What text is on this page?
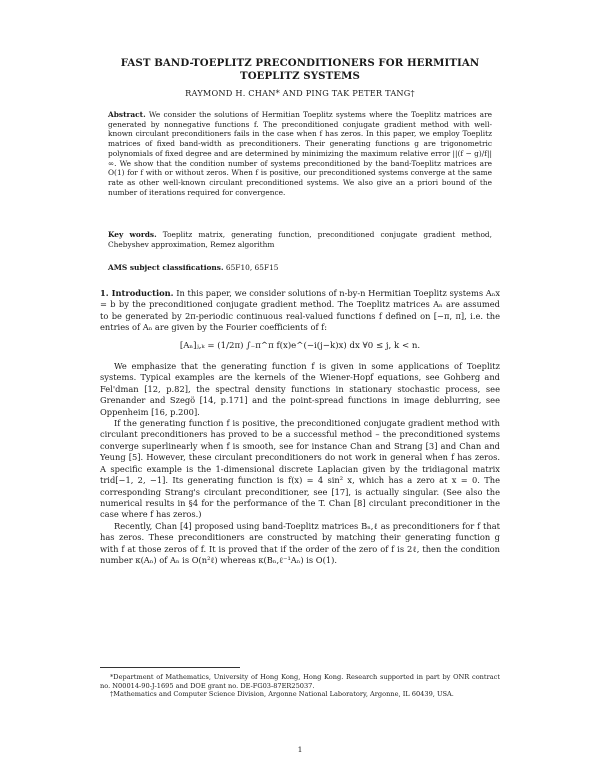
FAST BAND-TOEPLITZ PRECONDITIONERS FOR HERMITIAN TOEPLITZ SYSTEMS
RAYMOND H. CHAN* AND PING TAK PETER TANG†
Abstract. We consider the solutions of Hermitian Toeplitz systems where the Toeplitz matrices are generated by nonnegative functions f. The preconditioned conjugate gradient method with well-known circulant preconditioners fails in the case when f has zeros. In this paper, we employ Toeplitz matrices of fixed band-width as preconditioners. Their generating functions g are trigonometric polynomials of fixed degree and are determined by minimizing the maximum relative error ||(f − g)/f||∞. We show that the condition number of systems preconditioned by the band-Toeplitz matrices are O(1) for f with or without zeros. When f is positive, our preconditioned systems converge at the same rate as other well-known circulant preconditioned systems. We also give an a priori bound of the number of iterations required for convergence.
Key words. Toeplitz matrix, generating function, preconditioned conjugate gradient method, Chebyshev approximation, Remez algorithm
AMS subject classifications. 65F10, 65F15

1. Introduction. In this paper, we consider solutions of n-by-n Hermitian Toeplitz systems Aₙx = b by the preconditioned conjugate gradient method. The Toeplitz matrices Aₙ are assumed to be generated by 2π-periodic continuous real-valued functions f defined on [−π, π], i.e. the entries of Aₙ are given by the Fourier coefficients of f:

[Aₙ]ⱼ,ₖ = (1/2π) ∫₋π^π f(x)e^(−i(j−k)x) dx ∀0 ≤ j, k < n.

We emphasize that the generating function f is given in some applications of Toeplitz systems. Typical examples are the kernels of the Wiener-Hopf equations, see Gohberg and Fel'dman [12, p.82], the spectral density functions in stationary stochastic process, see Grenander and Szegö [14, p.171] and the point-spread functions in image deblurring, see Oppenheim [16, p.200].

If the generating function f is positive, the preconditioned conjugate gradient method with circulant preconditioners has proved to be a successful method – the preconditioned systems converge superlinearly when f is smooth, see for instance Chan and Strang [3] and Chan and Yeung [5]. However, these circulant preconditioners do not work in general when f has zeros. A specific example is the 1-dimensional discrete Laplacian given by the tridiagonal matrix trid[−1, 2, −1]. Its generating function is f(x) = 4 sin² x, which has a zero at x = 0. The corresponding Strang's circulant preconditioner, see [17], is actually singular. (See also the numerical results in §4 for the performance of the T. Chan [8] circulant preconditioner in the case where f has zeros.)

Recently, Chan [4] proposed using band-Toeplitz matrices Bₙ,ℓ as preconditioners for f that has zeros. These preconditioners are constructed by matching their generating function g with f at those zeros of f. It is proved that if the order of the zero of f is 2ℓ, then the condition number κ(Aₙ) of Aₙ is O(n²ℓ) whereas κ(Bₙ,ℓ⁻¹Aₙ) is O(1).

*Department of Mathematics, University of Hong Kong, Hong Kong. Research supported in part by ONR contract no. N00014-90-J-1695 and DOE grant no. DE-FG03-87ER25037.

†Mathematics and Computer Science Division, Argonne National Laboratory, Argonne, IL 60439, USA.

1
